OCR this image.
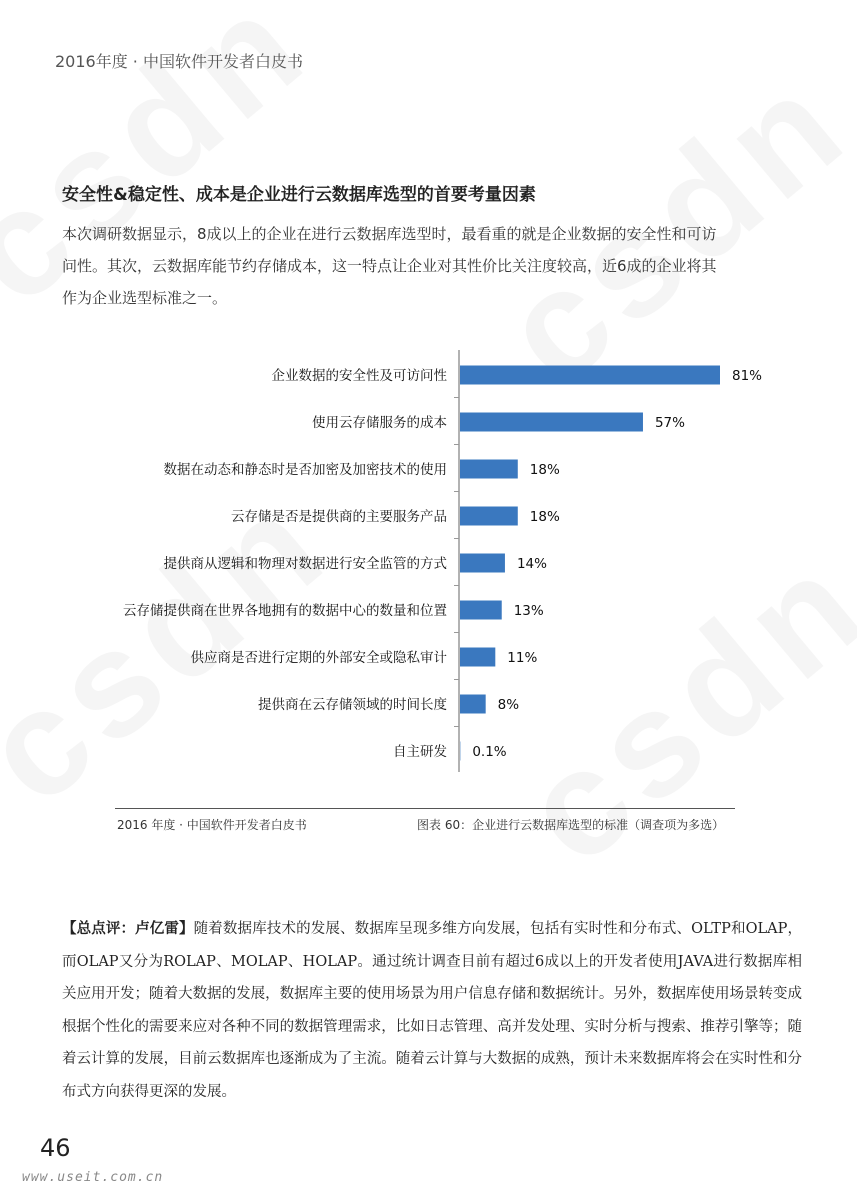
2016年度 · 中国软件开发者白皮书
安全性&稳定性、成本是企业进行云数据库选型的首要考量因素
本次调研数据显示，8成以上的企业在进行云数据库选型时，最看重的就是企业数据的安全性和可访
问性。其次，云数据库能节约存储成本，这一特点让企业对其性价比关注度较高，近6成的企业将其
作为企业选型标准之一。
企业数据的安全性及可访问性	81%
使用云存储服务的成本	57%
数据在动态和静态时是否加密及加密技术的使用	18%
云存储是否是提供商的主要服务产品	18%
提供商从逻辑和物理对数据进行安全监管的方式	14%
云存储提供商在世界各地拥有的数据中心的数量和位置	13%
供应商是否进行定期的外部安全或隐私审计	11%
提供商在云存储领域的时间长度	8%
自主研发 0.1%
2016 年度 · 中国软件开发者白皮书	图表 60：企业进行云数据库选型的标准（调查项为多选）
【总点评：卢亿雷】随着数据库技术的发展、数据库呈现多维方向发展，包括有实时性和分布式、OLTP和OLAP，而OLAP又分为ROLAP、MOLAP、HOLAP。通过统计调查目前有超过6成以上的开发者使用JAVA进行数据库相关应用开发；随着大数据的发展，数据库主要的使用场景为用户信息存储和数据统计。另外，数据库使用场景转变成根据个性化的需要来应对各种不同的数据管理需求，比如日志管理、高并发处理、实时分析与搜索、推荐引擎等；随着云计算的发展，目前云数据库也逐渐成为了主流。随着云计算与大数据的成熟，预计未来数据库将会在实时性和分布式方向获得更深的发展。
46
www.useit.com.cn
